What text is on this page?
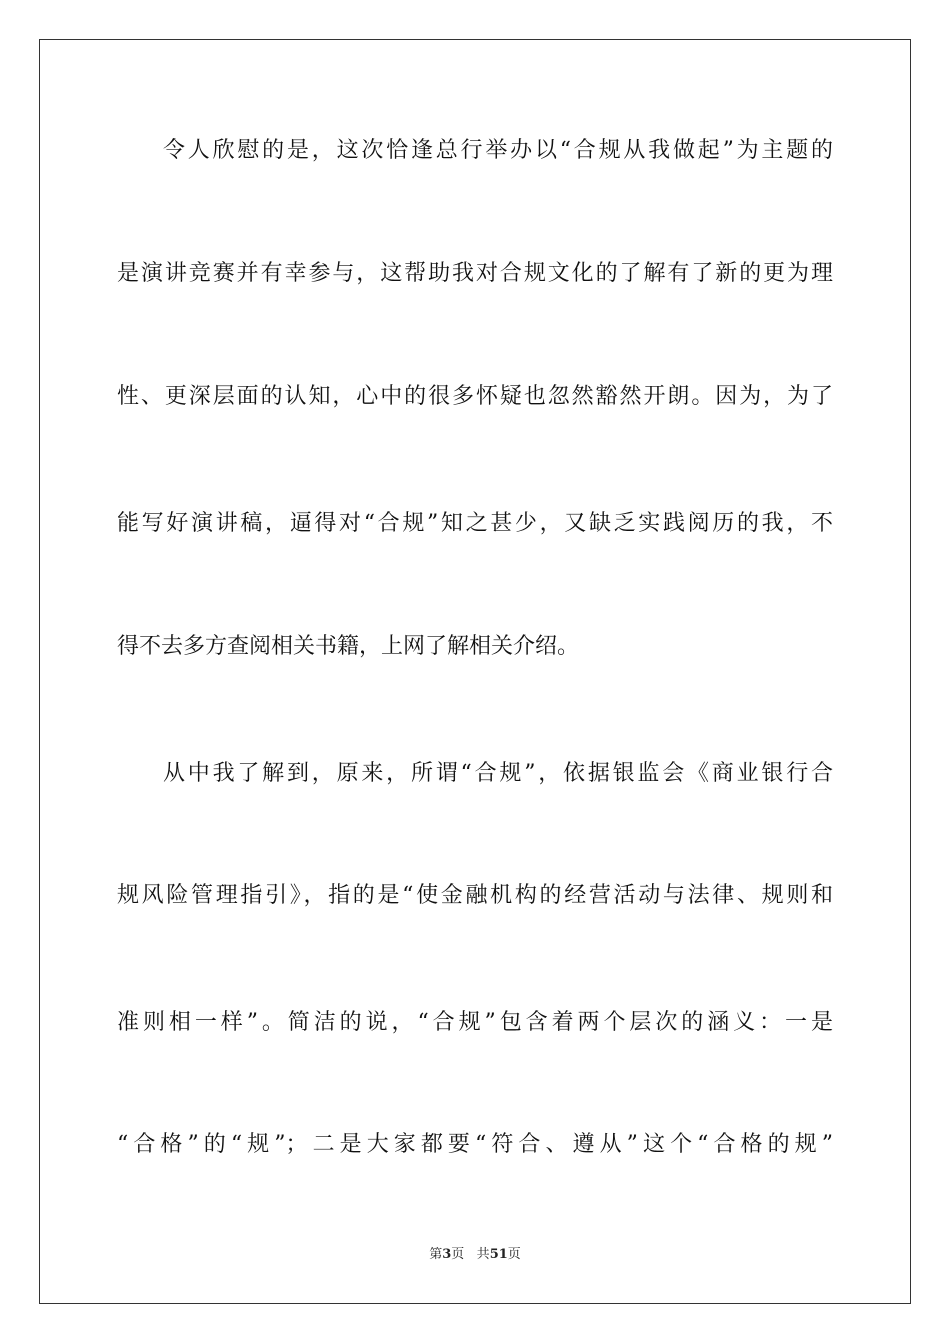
令人欣慰的是，这次恰逢总行举办以“合规从我做起”为主题的
是演讲竞赛并有幸参与，这帮助我对合规文化的了解有了新的更为理
性、更深层面的认知，心中的很多怀疑也忽然豁然开朗。因为，为了
能写好演讲稿，逼得对“合规”知之甚少，又缺乏实践阅历的我，不
得不去多方查阅相关书籍，上网了解相关介绍。
从中我了解到，原来，所谓“合规”，依据银监会《商业银行合
规风险管理指引》，指的是“使金融机构的经营活动与法律、规则和
准则相一样”。简洁的说，“合规”包含着两个层次的涵义：一是
“合格”的“规”；二是大家都要“符合、遵从”这个“合格的规”
第3页 共51页
